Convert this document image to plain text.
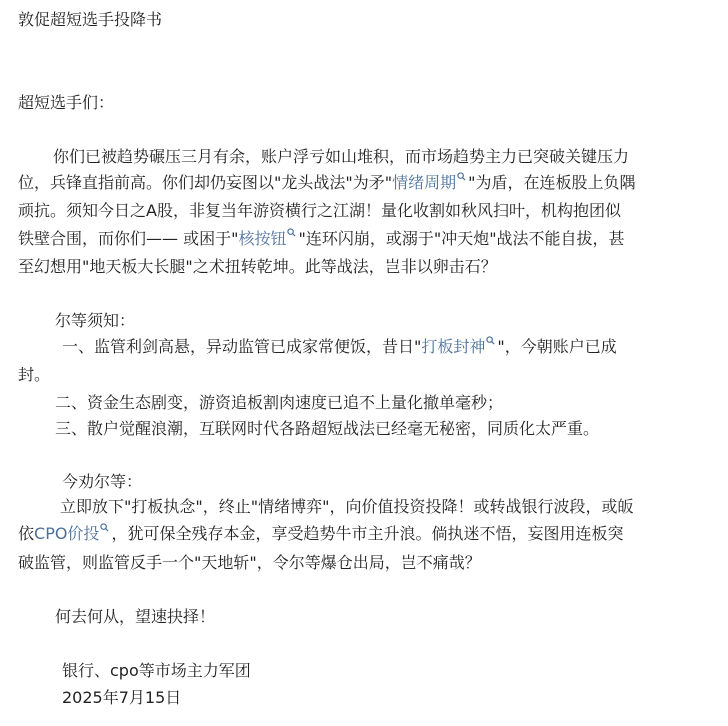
敦促超短选手投降书
超短选手们：
你们已被趋势碾压三月有余，账户浮亏如山堆积，而市场趋势主力已突破关键压力
位，兵锋直指前高。你们却仍妄图以"龙头战法"为矛"情绪周期 "为盾，在连板股上负隅
顽抗。须知今日之A股，非复当年游资横行之江湖！量化收割如秋风扫叶，机构抱团似
铁壁合围，而你们—— 或困于"核按钮 "连环闪崩，或溺于"冲天炮"战法不能自拔，甚
至幻想用"地天板大长腿"之术扭转乾坤。此等战法，岂非以卵击石？
尔等须知：
一、监管利剑高悬，异动监管已成家常便饭，昔日"打板封神 "，今朝账户已成
封。
二、资金生态剧变，游资追板割肉速度已追不上量化撤单毫秒；
三、散户觉醒浪潮，互联网时代各路超短战法已经毫无秘密，同质化太严重。
今劝尔等：
立即放下"打板执念"，终止"情绪博弈"，向价值投资投降！或转战银行波段，或皈
依CPO价投 ，犹可保全残存本金，享受趋势牛市主升浪。倘执迷不悟，妄图用连板突
破监管，则监管反手一个"天地斩"，令尔等爆仓出局，岂不痛哉？
何去何从，望速抉择！
银行、cpo等市场主力军团
2025年7月15日
